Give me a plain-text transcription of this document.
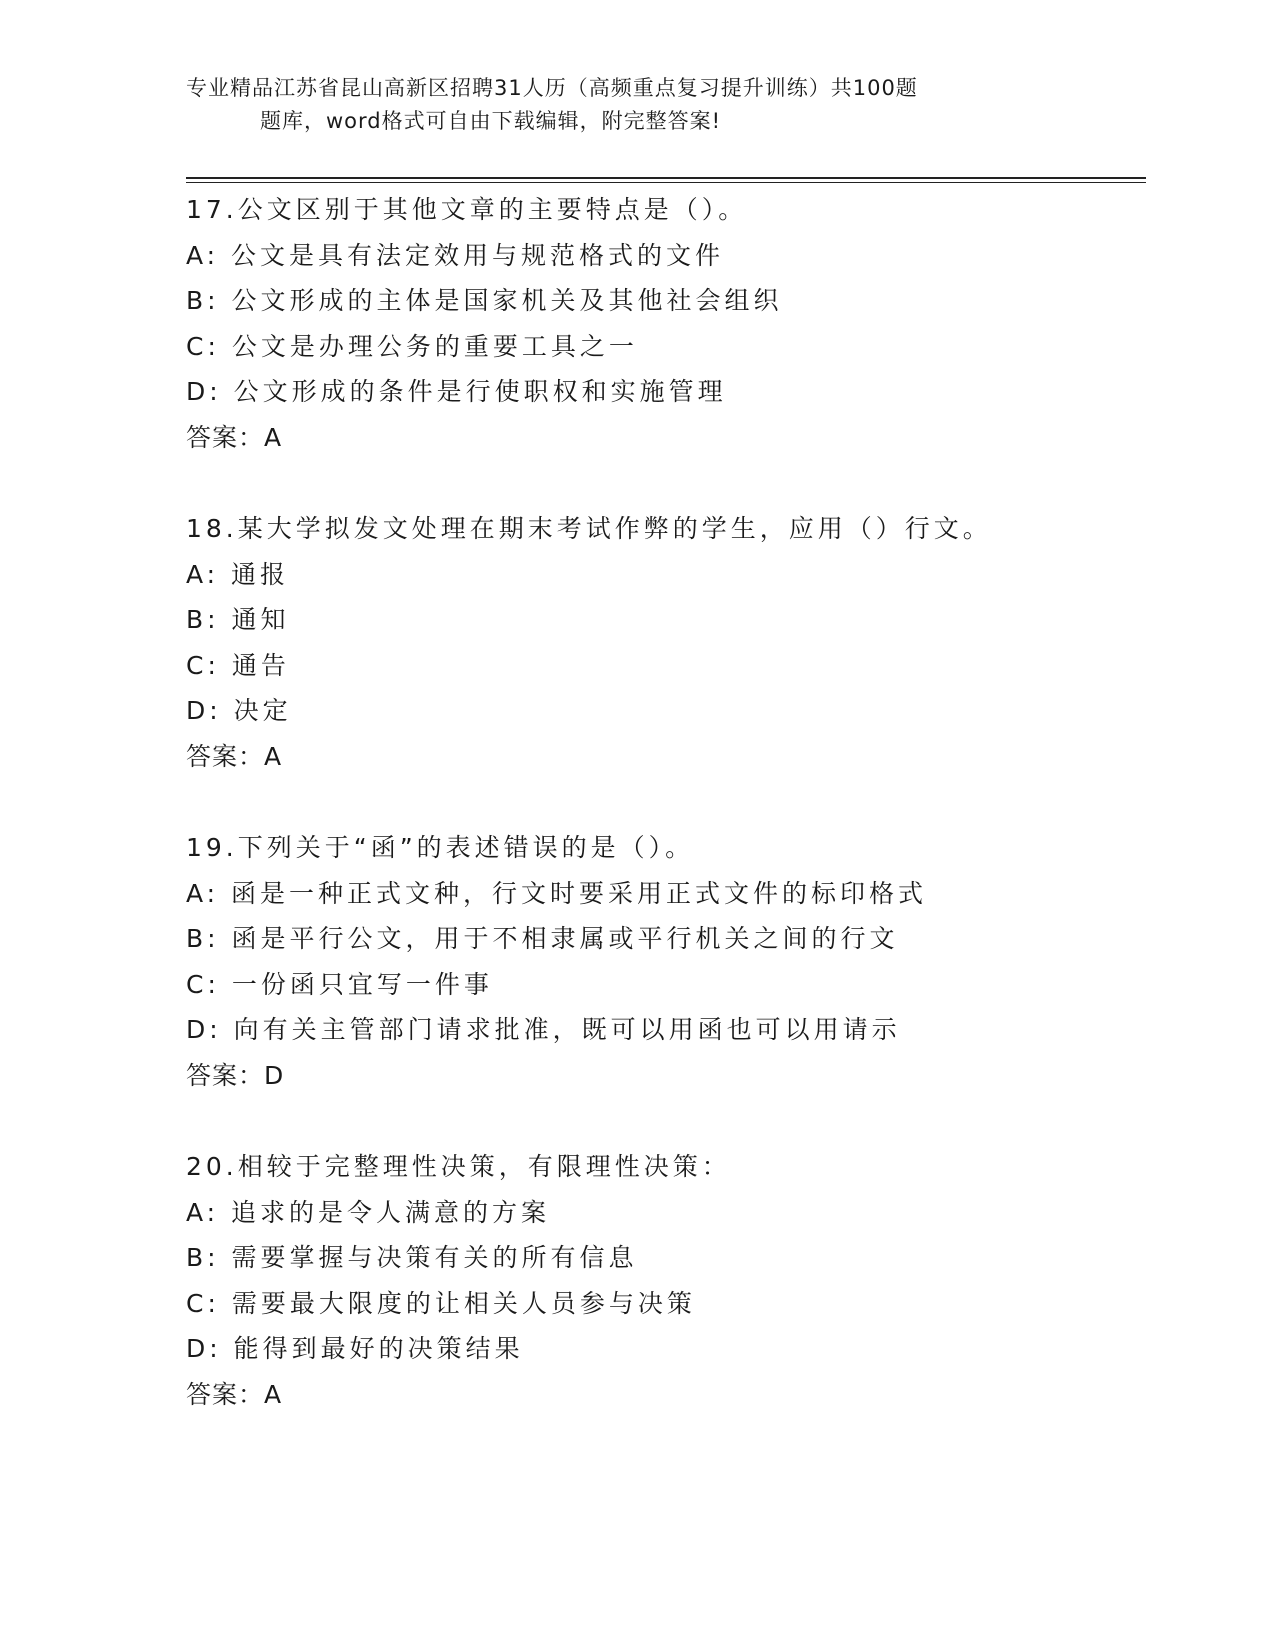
专业精品江苏省昆山高新区招聘31人历（高频重点复习提升训练）共100题
题库，word格式可自由下载编辑，附完整答案!
17.公文区别于其他文章的主要特点是（）。
A: 公文是具有法定效用与规范格式的文件
B: 公文形成的主体是国家机关及其他社会组织
C: 公文是办理公务的重要工具之一
D: 公文形成的条件是行使职权和实施管理
答案：A
18.某大学拟发文处理在期末考试作弊的学生，应用（）行文。
A: 通报
B: 通知
C: 通告
D: 决定
答案：A
19.下列关于“函”的表述错误的是（）。
A: 函是一种正式文种，行文时要采用正式文件的标印格式
B: 函是平行公文，用于不相隶属或平行机关之间的行文
C: 一份函只宜写一件事
D: 向有关主管部门请求批准，既可以用函也可以用请示
答案：D
20.相较于完整理性决策，有限理性决策：
A: 追求的是令人满意的方案
B: 需要掌握与决策有关的所有信息
C: 需要最大限度的让相关人员参与决策
D: 能得到最好的决策结果
答案：A
